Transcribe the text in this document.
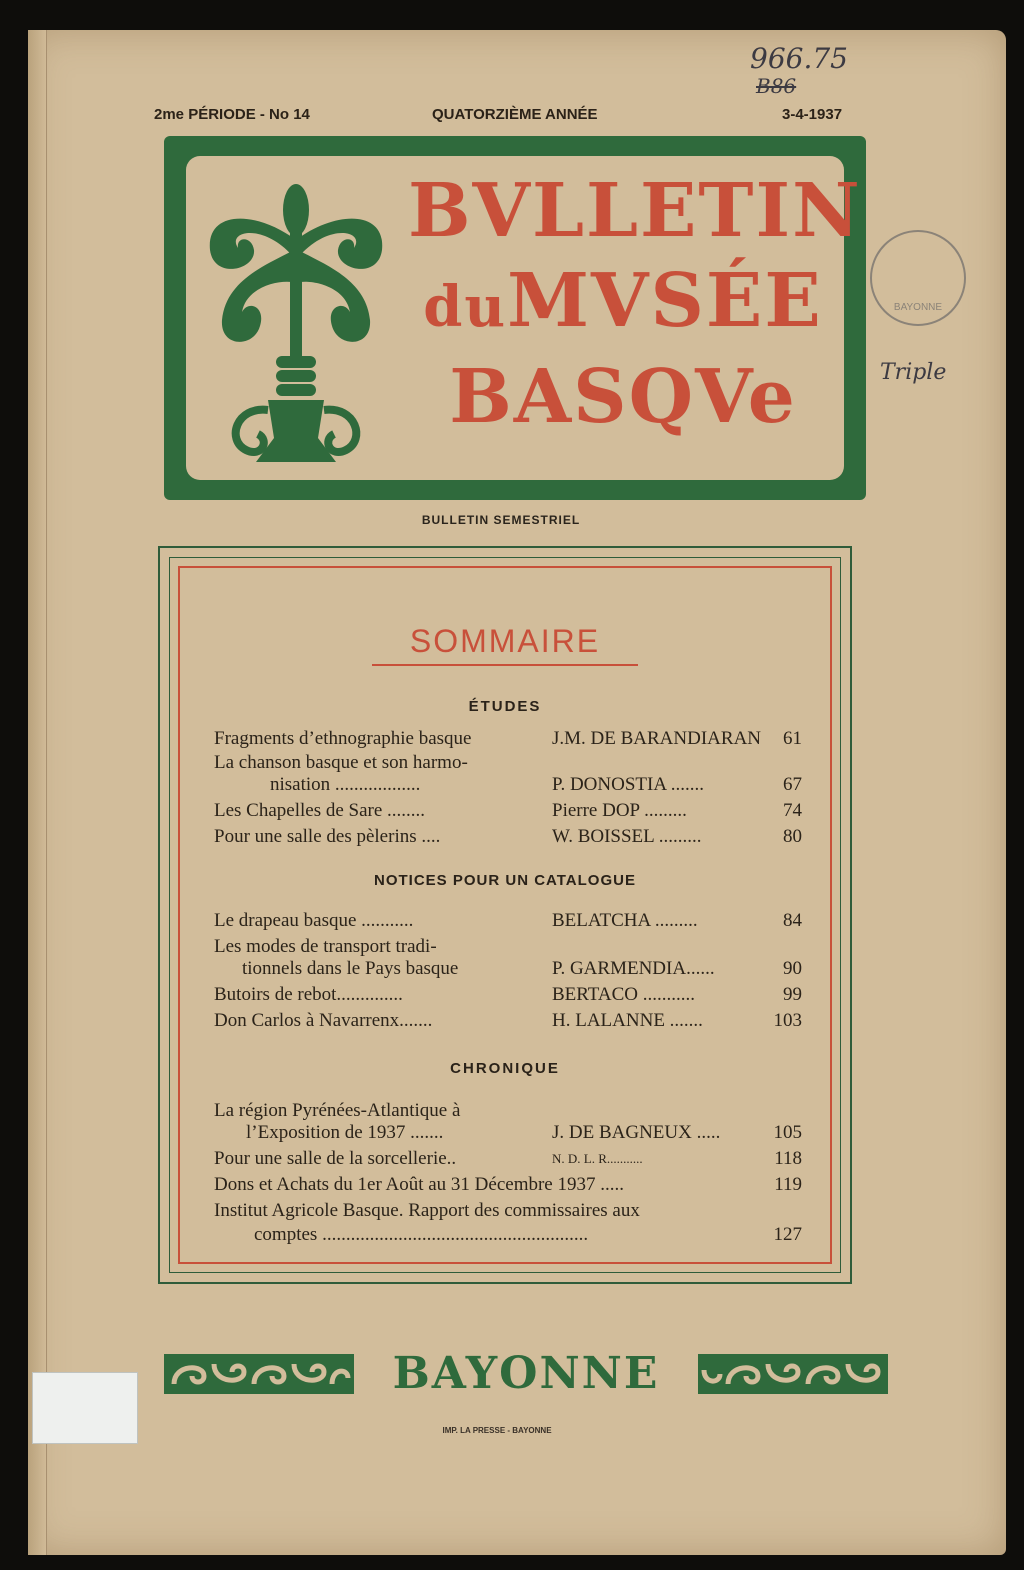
2me PÉRIODE - No 14	QUATORZIÈME ANNÉE	3-4-1937
966.75
B86
BVLLETIN
duMVSÉE
BASQVe
BAYONNE
Triple
BULLETIN SEMESTRIEL
SOMMAIRE
ÉTUDES
Fragments d’ethnographie basque	J.M. DE BARANDIARAN 61
La chanson basque et son harmo-
nisation ..................	P. DONOSTIA .......	67
Les Chapelles de Sare ........	Pierre DOP .........	74
Pour une salle des pèlerins ....	W. BOISSEL .........	80
NOTICES POUR UN CATALOGUE
Le drapeau basque ...........	BELATCHA .........	84
Les modes de transport tradi-
tionnels dans le Pays basque	P. GARMENDIA......	90
Butoirs de rebot..............	BERTACO ...........	99
Don Carlos à Navarrenx.......	H. LALANNE .......	103
CHRONIQUE
La région Pyrénées-Atlantique à
l’Exposition de 1937 .......	J. DE BAGNEUX .....	105
Pour une salle de la sorcellerie..	N. D. L. R...........	118
Dons et Achats du 1er Août au 31 Décembre 1937 .....	119
Institut Agricole Basque. Rapport des commissaires aux
comptes ........................................................	127
BAYONNE
IMP. LA PRESSE - BAYONNE
